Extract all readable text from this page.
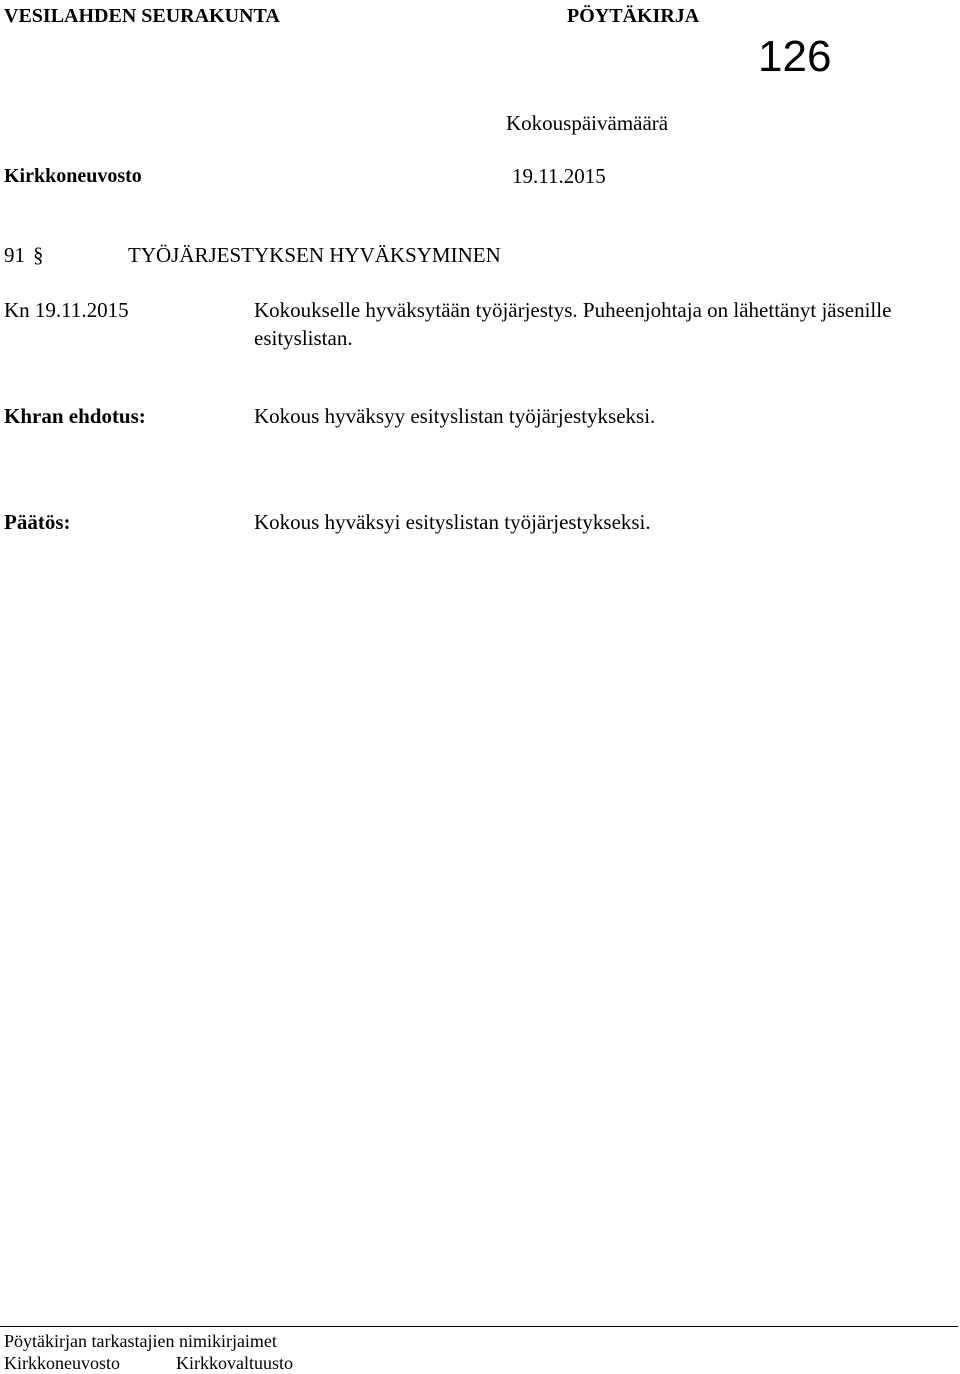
VESILAHDEN SEURAKUNTA	PÖYTÄKIRJA
126
Kokouspäivämäärä
Kirkkoneuvosto	19.11.2015
91 §	TYÖJÄRJESTYKSEN HYVÄKSYMINEN
Kn 19.11.2015	Kokoukselle hyväksytään työjärjestys. Puheenjohtaja on lähettänyt jäsenille esityslistan.
Khran ehdotus:	Kokous hyväksyy esityslistan työjärjestykseksi.
Päätös:	Kokous hyväksyi esityslistan työjärjestykseksi.
Pöytäkirjan tarkastajien nimikirjaimet
Kirkkoneuvosto	Kirkkovaltuusto
